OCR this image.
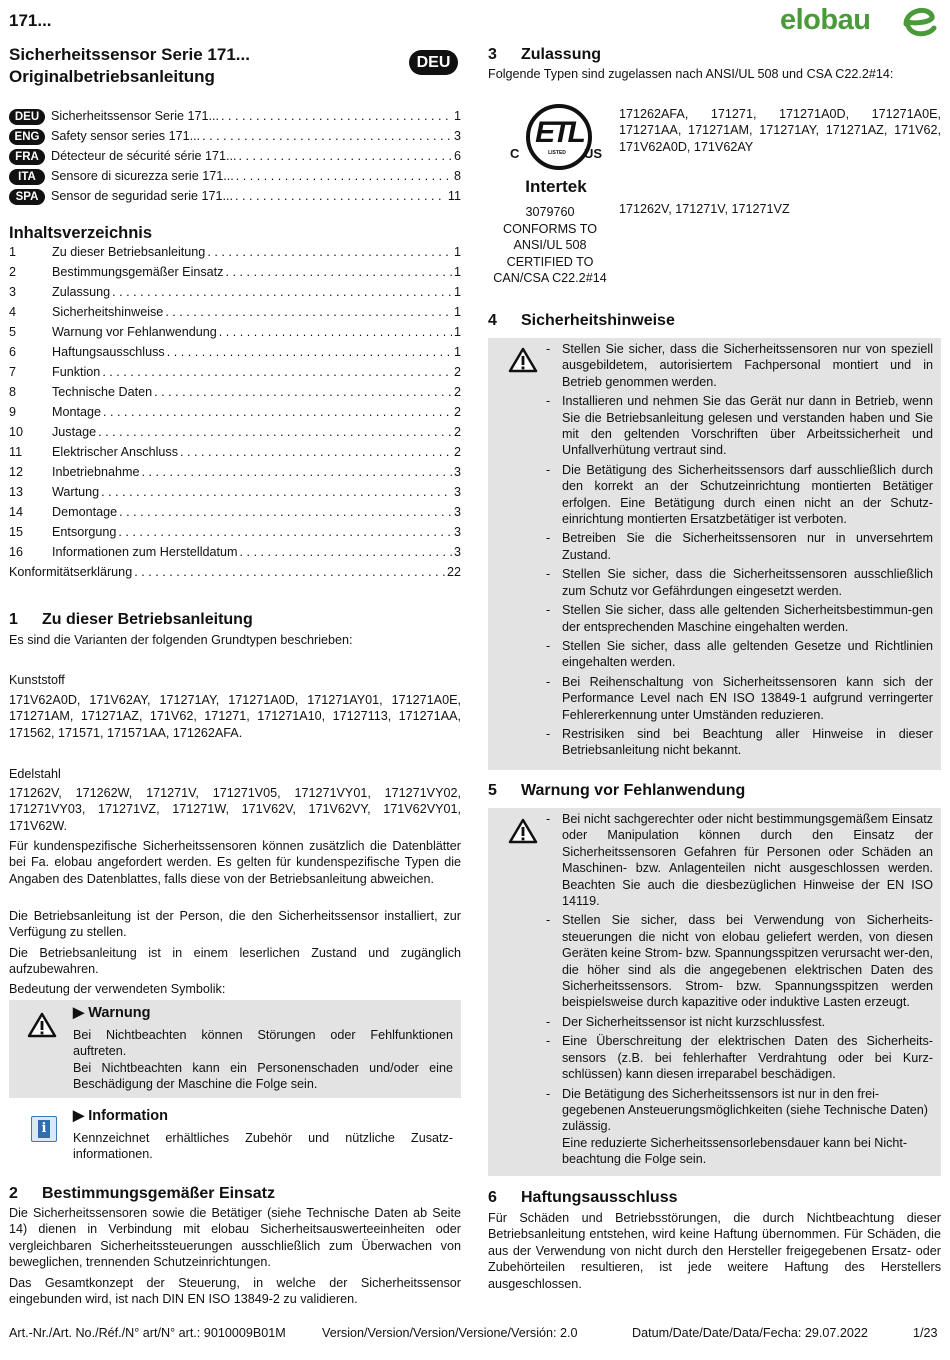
171...	elobau
Sicherheitssensor Serie 171...
Originalbetriebsanleitung
DEU
DEU Sicherheitssensor Serie 171... . . .	1
ENG Safety sensor series 171... . . .	3
FRA Détecteur de sécurité série 171... . . .	6
ITA	Sensore di sicurezza serie 171... . . .	8
SPA	Sensor de seguridad serie 171... . . .	11
Inhaltsverzeichnis
1	Zu dieser Betriebsanleitung . . .	1
2	Bestimmungsgemäßer Einsatz . . .	1
3	Zulassung . . .	1
4	Sicherheitshinweise . . .	1
5	Warnung vor Fehlanwendung . . .	1
6	Haftungsausschluss . . .	1
7	Funktion . . .	2
8	Technische Daten . . .	2
9	Montage . . .	2
10	Justage . . .	2
11	Elektrischer Anschluss . . .	2
12	Inbetriebnahme . . .	3
13	Wartung . . .	3
14	Demontage . . .	3
15	Entsorgung . . .	3
16	Informationen zum Herstelldatum . . .	3
Konformitätserklärung . . .	22
1 Zu dieser Betriebsanleitung

Es sind die Varianten der folgenden Grundtypen beschrieben:

Kunststoff

171V62A0D, 171V62AY, 171271AY, 171271A0D, 171271AY01, 171271A0E, 171271AM, 171271AZ, 171V62, 171271, 171271A10, 17127113, 171271AA, 171562, 171571, 171571AA, 171262AFA.

Edelstahl

171262V, 171262W, 171271V, 171271V05, 171271VY01, 171271VY02, 171271VY03, 171271VZ, 171271W, 171V62V, 171V62VY, 171V62VY01, 171V62W.

Für kundenspezifische Sicherheitssensoren können zusätzlich die Datenblätter bei Fa. elobau angefordert werden. Es gelten für kundenspezifische Typen die Angaben des Datenblattes, falls diese von der Betriebsanleitung abweichen.

Die Betriebsanleitung ist der Person, die den Sicherheitssensor installiert, zur Verfügung zu stellen.

Die Betriebsanleitung ist in einem leserlichen Zustand und zugänglich aufzubewahren.

Bedeutung der verwendeten Symbolik:

▶ Warnung

Bei Nichtbeachten können Störungen oder Fehlfunktionen auftreten.

Bei Nichtbeachten kann ein Personenschaden und/oder eine Beschädigung der Maschine die Folge sein.

i
▶ Information

Kennzeichnet erhältliches Zubehör und nützliche Zusatz-informationen.

2 Bestimmungsgemäßer Einsatz

Die Sicherheitssensoren sowie die Betätiger (siehe Technische Daten ab Seite 14) dienen in Verbindung mit elobau Sicherheitsauswerteeinheiten oder vergleichbaren Sicherheitssteuerungen ausschließlich zum Überwachen von beweglichen, trennenden Schutzeinrichtungen.

Das Gesamtkonzept der Steuerung, in welche der Sicherheitssensor eingebunden wird, ist nach DIN EN ISO 13849-2 zu validieren.

3 Zulassung

Folgende Typen sind zugelassen nach ANSI/UL 508 und CSA C22.2#14:

ETL
C	US
LISTED
Intertek
3079760
CONFORMS TO
ANSI/UL 508
CERTIFIED TO
CAN/CSA C22.2#14

171262AFA, 171271, 171271A0D, 171271A0E, 171271AA, 171271AM, 171271AY, 171271AZ, 171V62, 171V62A0D, 171V62AY

171262V, 171271V, 171271VZ

4 Sicherheitshinweise
- Stellen Sie sicher, dass die Sicherheitssensoren nur von speziell ausgebildetem, autorisiertem Fachpersonal montiert und in Betrieb genommen werden.
- Installieren und nehmen Sie das Gerät nur dann in Betrieb, wenn Sie die Betriebsanleitung gelesen und verstanden haben und Sie mit den geltenden Vorschriften über Arbeitssicherheit und Unfallverhütung vertraut sind.
- Die Betätigung des Sicherheitssensors darf ausschließlich durch den korrekt an der Schutzeinrichtung montierten Betätiger erfolgen. Eine Betätigung durch einen nicht an der Schutz-einrichtung montierten Ersatzbetätiger ist verboten.
- Betreiben Sie die Sicherheitssensoren nur in unversehrtem Zustand.
- Stellen Sie sicher, dass die Sicherheitssensoren ausschließlich zum Schutz vor Gefährdungen eingesetzt werden.
- Stellen Sie sicher, dass alle geltenden Sicherheitsbestimmun-gen der entsprechenden Maschine eingehalten werden.
- Stellen Sie sicher, dass alle geltenden Gesetze und Richtlinien eingehalten werden.
- Bei Reihenschaltung von Sicherheitssensoren kann sich der Performance Level nach EN ISO 13849-1 aufgrund verringerter Fehlererkennung unter Umständen reduzieren.
- Restrisiken sind bei Beachtung aller Hinweise in dieser Betriebsanleitung nicht bekannt.
5 Warnung vor Fehlanwendung
- Bei nicht sachgerechter oder nicht bestimmungsgemäßem Einsatz oder Manipulation können durch den Einsatz der Sicherheitssensoren Gefahren für Personen oder Schäden an Maschinen- bzw. Anlagenteilen nicht ausgeschlossen werden. Beachten Sie auch die diesbezüglichen Hinweise der EN ISO 14119.
- Stellen Sie sicher, dass bei Verwendung von Sicherheits-steuerungen die nicht von elobau geliefert werden, von diesen Geräten keine Strom- bzw. Spannungsspitzen verursacht wer-den, die höher sind als die angegebenen elektrischen Daten des Sicherheitssensors. Strom- bzw. Spannungsspitzen werden beispielsweise durch kapazitive oder induktive Lasten erzeugt.
- Der Sicherheitssensor ist nicht kurzschlussfest.
- Eine Überschreitung der elektrischen Daten des Sicherheits-sensors (z.B. bei fehlerhafter Verdrahtung oder bei Kurz-schlüssen) kann diesen irreparabel beschädigen.
- Die Betätigung des Sicherheitssensors ist nur in den frei-gegebenen Ansteuerungsmöglichkeiten (siehe Technische Daten) zulässig.
Eine reduzierte Sicherheitssensorlebensdauer kann bei Nicht-beachtung die Folge sein.
6 Haftungsausschluss

Für Schäden und Betriebsstörungen, die durch Nichtbeachtung dieser Betriebsanleitung entstehen, wird keine Haftung übernommen. Für Schäden, die aus der Verwendung von nicht durch den Hersteller freigegebenen Ersatz- oder Zubehörteilen resultieren, ist jede weitere Haftung des Herstellers ausgeschlossen.

Art.-Nr./Art. No./Réf./N° art/N° art.: 9010009B01M	Version/Version/Version/Versione/Versión: 2.0	Datum/Date/Date/Data/Fecha: 29.07.2022	1/23
